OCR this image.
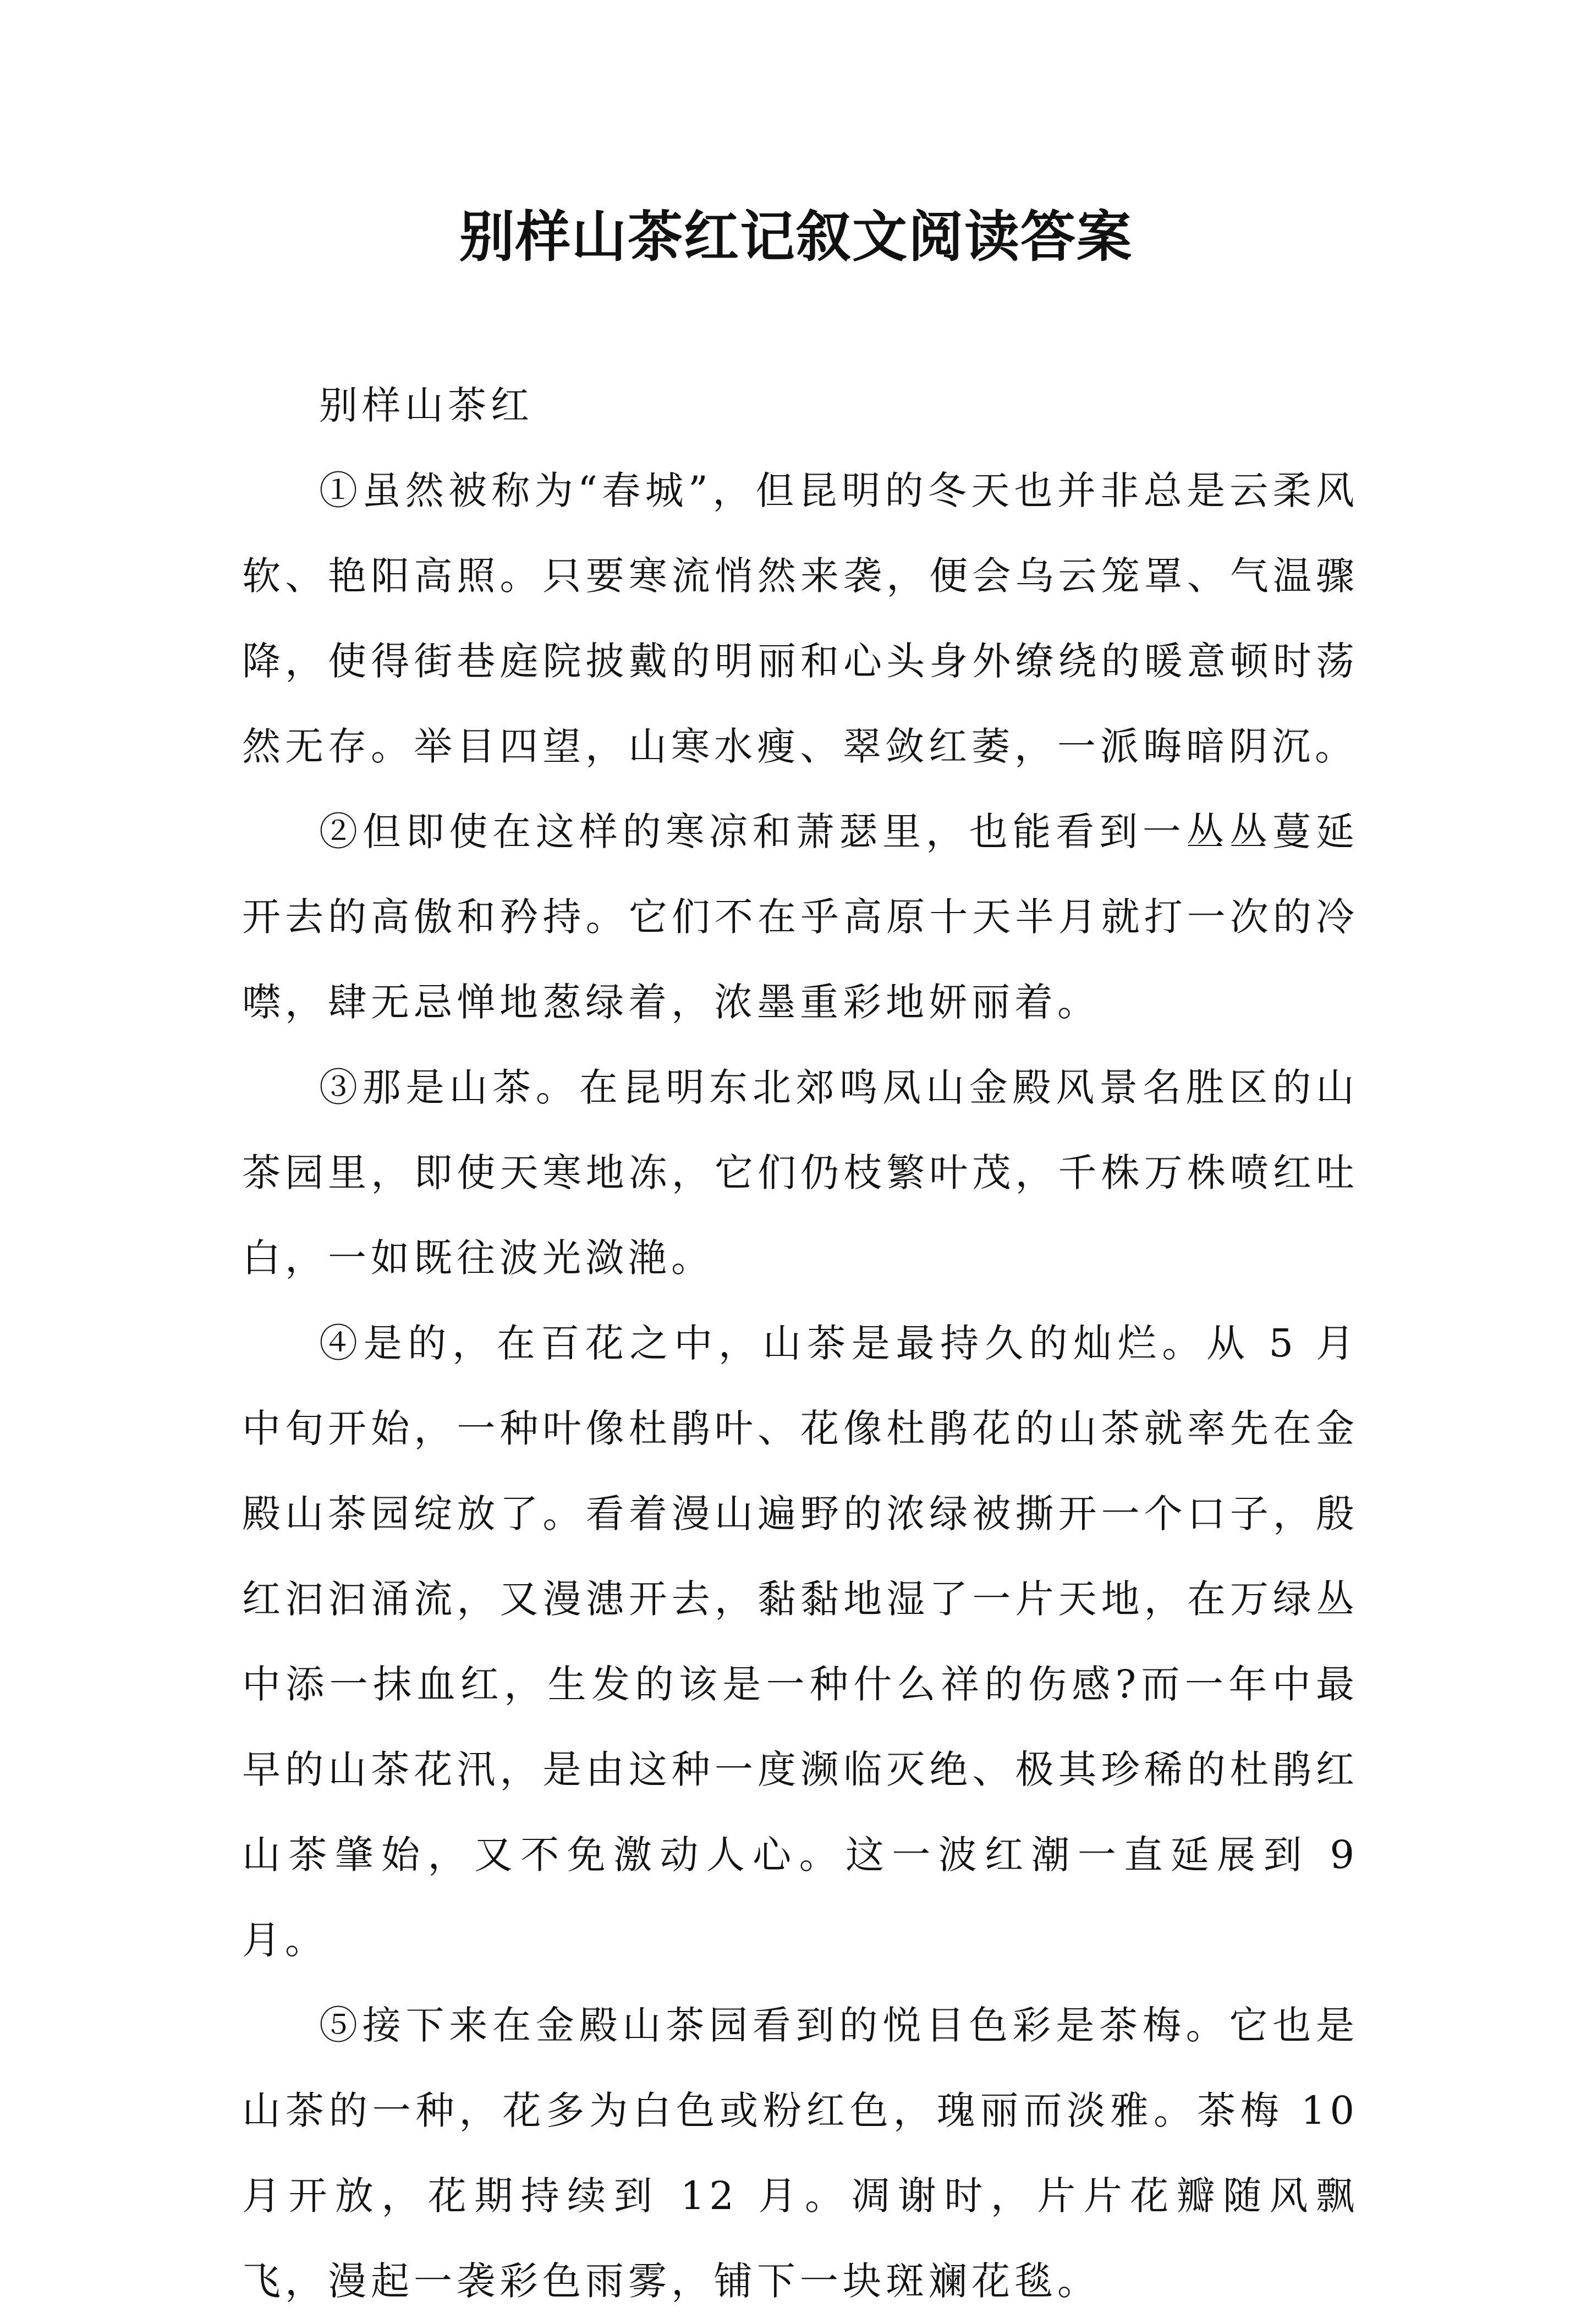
别样山茶红记叙文阅读答案

别样山茶红

①虽然被称为“春城”，但昆明的冬天也并非总是云柔风软、艳阳高照。只要寒流悄然来袭，便会乌云笼罩、气温骤降，使得街巷庭院披戴的明丽和心头身外缭绕的暖意顿时荡然无存。举目四望，山寒水瘦、翠敛红萎，一派晦暗阴沉。

②但即使在这样的寒凉和萧瑟里，也能看到一丛丛蔓延开去的高傲和矜持。它们不在乎高原十天半月就打一次的冷噤，肆无忌惮地葱绿着，浓墨重彩地妍丽着。

③那是山茶。在昆明东北郊鸣凤山金殿风景名胜区的山茶园里，即使天寒地冻，它们仍枝繁叶茂，千株万株喷红吐白，一如既往波光潋滟。

④是的，在百花之中，山茶是最持久的灿烂。从 5 月中旬开始，一种叶像杜鹃叶、花像杜鹃花的山茶就率先在金殿山茶园绽放了。看着漫山遍野的浓绿被撕开一个口子，殷红汩汩涌流，又漫漶开去，黏黏地湿了一片天地，在万绿丛中添一抹血红，生发的该是一种什么祥的伤感?而一年中最早的山茶花汛，是由这种一度濒临灭绝、极其珍稀的杜鹃红山茶肇始，又不免激动人心。这一波红潮一直延展到 9 月。

⑤接下来在金殿山茶园看到的悦目色彩是茶梅。它也是山茶的一种，花多为白色或粉红色，瑰丽而淡雅。茶梅 10 月开放，花期持续到 12 月。凋谢时，片片花瓣随风飘飞，漫起一袭彩色雨雾，铺下一块斑斓花毯。
